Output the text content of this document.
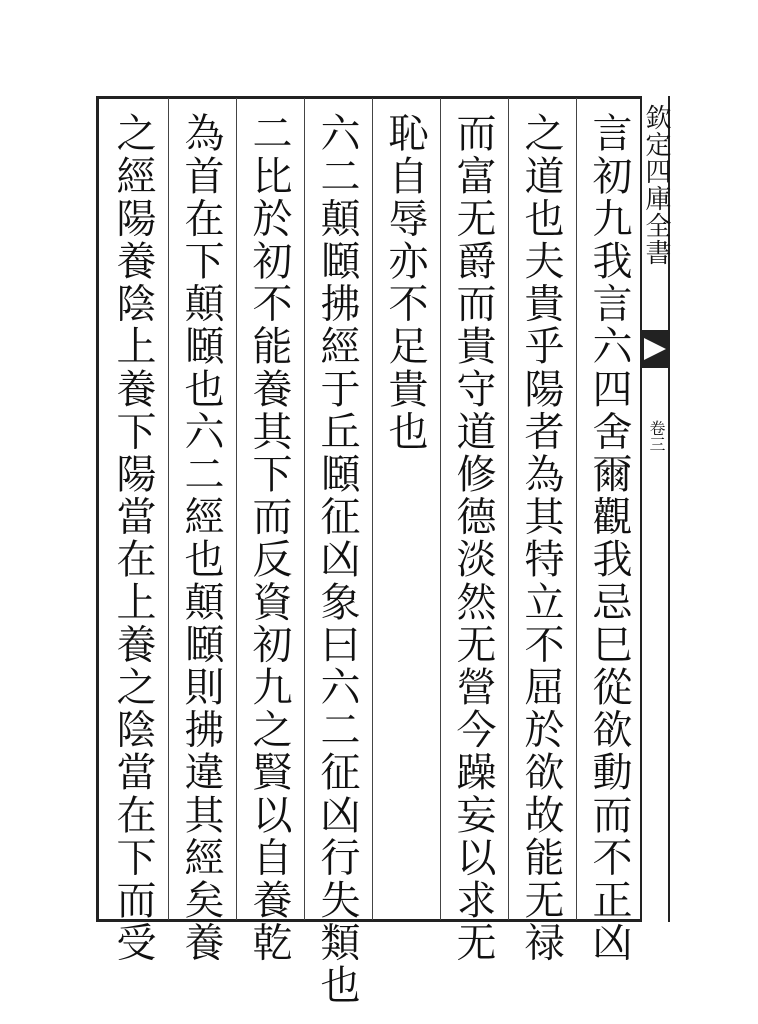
欽定四庫全書
卷三
言初九我言六四舍爾觀我忌巳從欲動而不正凶
之道也夫貴乎陽者為其特立不屈於欲故能无禄
而富无爵而貴守道修德淡然无營今躁妄以求无
恥自辱亦不足貴也
六二顛頥拂經于丘頥征凶象曰六二征凶行失類也
二比於初不能養其下而反資初九之賢以自養乾
為首在下顛頥也六二經也顛頥則拂違其經矣養
之經陽養陰上養下陽當在上養之陰當在下而受
